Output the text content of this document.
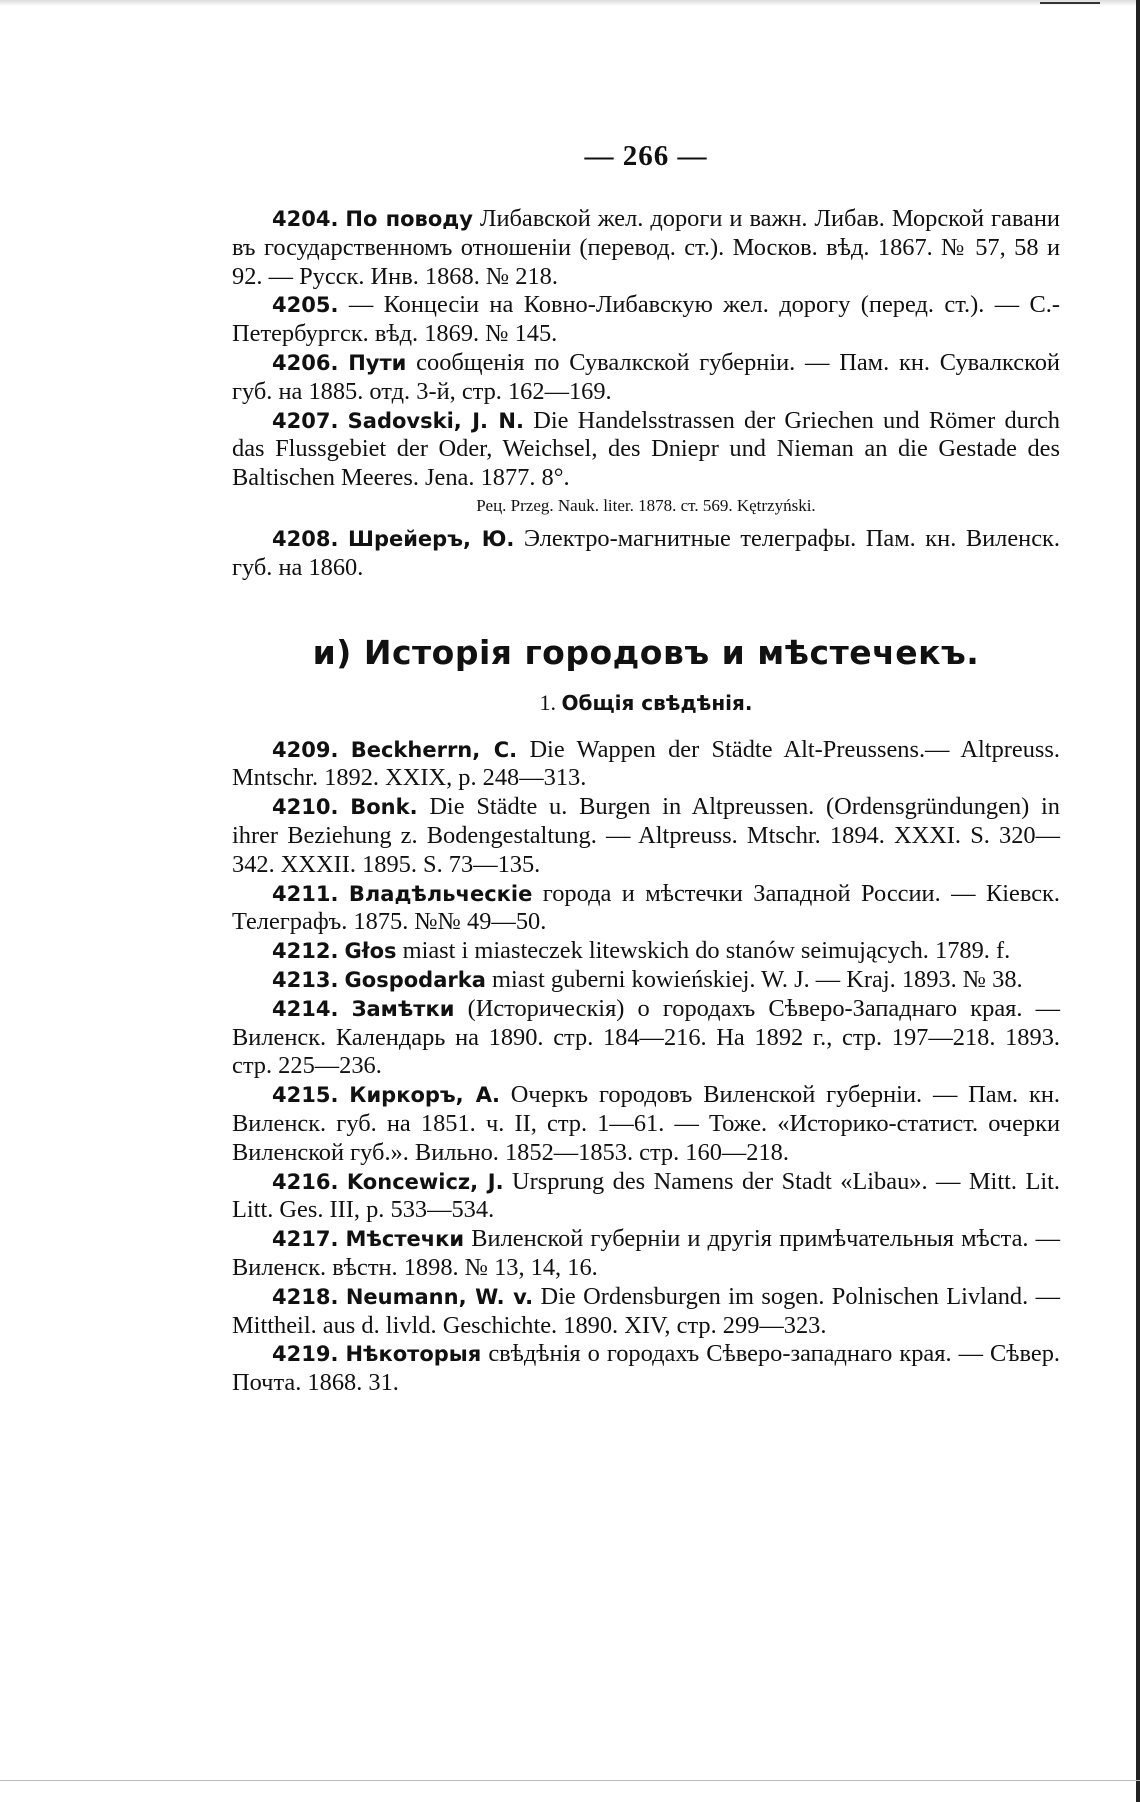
— 266 —

4204. По поводу Либавской жел. дороги и важн. Либав. Морской гавани въ государственномъ отношеніи (перевод. ст.). Москов. вѣд. 1867. № 57, 58 и 92. — Русск. Инв. 1868. № 218.

4205. — Концесіи на Ковно-Либавскую жел. дорогу (перед. ст.). — С.-Петербургск. вѣд. 1869. № 145.

4206. Пути сообщенія по Сувалкской губерніи. — Пам. кн. Сувалкской губ. на 1885. отд. 3-й, стр. 162—169.

4207. Sadovski, J. N. Die Handelsstrassen der Griechen und Römer durch das Flussgebiet der Oder, Weichsel, des Dniepr und Nieman an die Gestade des Baltischen Meeres. Jena. 1877. 8°.

Рец. Przeg. Nauk. liter. 1878. ст. 569. Kętrzyński.

4208. Шрейеръ, Ю. Электро-магнитные телеграфы. Пам. кн. Виленск. губ. на 1860.

и) Исторія городовъ и мѣстечекъ.
1. Общія свѣдѣнія.

4209. Beckherrn, C. Die Wappen der Städte Alt-Preussens.— Altpreuss. Mntschr. 1892. XXIX, p. 248—313.

4210. Bonk. Die Städte u. Burgen in Altpreussen. (Ordensgründungen) in ihrer Beziehung z. Bodengestaltung. — Altpreuss. Mtschr. 1894. XXXI. S. 320—342. XXXII. 1895. S. 73—135.

4211. Владѣльческіе города и мѣстечки Западной России. — Кіевск. Телеграфъ. 1875. №№ 49—50.

4212. Głos miast i miasteczek litewskich do stanów seimujących. 1789. f.

4213. Gospodarka miast guberni kowieńskiej. W. J. — Kraj. 1893. № 38.

4214. Замѣтки (Историческія) о городахъ Сѣверо-Западнаго края. — Виленск. Календарь на 1890. стр. 184—216. На 1892 г., стр. 197—218. 1893. стр. 225—236.

4215. Киркоръ, А. Очеркъ городовъ Виленской губерніи. — Пам. кн. Виленск. губ. на 1851. ч. II, стр. 1—61. — Тоже. «Историко-статист. очерки Виленской губ.». Вильно. 1852—1853. стр. 160—218.

4216. Koncewicz, J. Ursprung des Namens der Stadt «Libau». — Mitt. Lit. Litt. Ges. III, p. 533—534.

4217. Мѣстечки Виленской губерніи и другія примѣчательныя мѣста. — Виленск. вѣстн. 1898. № 13, 14, 16.

4218. Neumann, W. v. Die Ordensburgen im sogen. Polnischen Livland. — Mittheil. aus d. livld. Geschichte. 1890. XIV, стр. 299—323.

4219. Нѣкоторыя свѣдѣнія о городахъ Сѣверо-западнаго края. — Сѣвер. Почта. 1868. 31.
